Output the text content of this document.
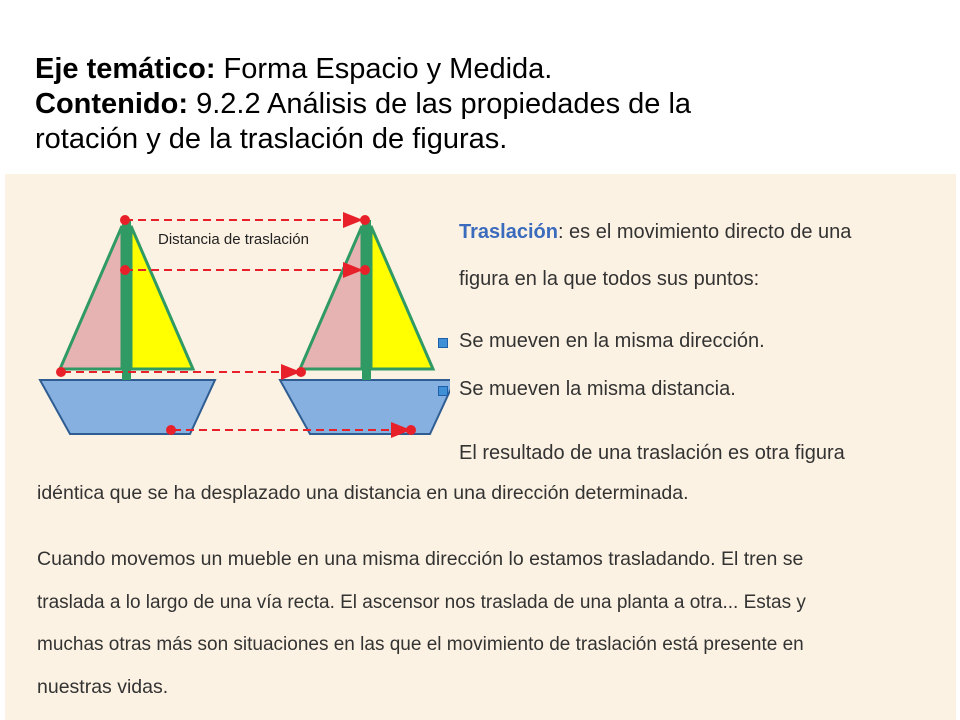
Eje temático: Forma Espacio y Medida.
Contenido: 9.2.2 Análisis de las propiedades de la
rotación y de la traslación de figuras.
Distancia de traslación	Traslación: es el movimiento directo de una
figura en la que todos sus puntos:
Se mueven en la misma dirección.
Se mueven la misma distancia.
El resultado de una traslación es otra figura
idéntica que se ha desplazado una distancia en una dirección determinada.
Cuando movemos un mueble en una misma dirección lo estamos trasladando. El tren se
traslada a lo largo de una vía recta. El ascensor nos traslada de una planta a otra... Estas y
muchas otras más son situaciones en las que el movimiento de traslación está presente en
nuestras vidas.
